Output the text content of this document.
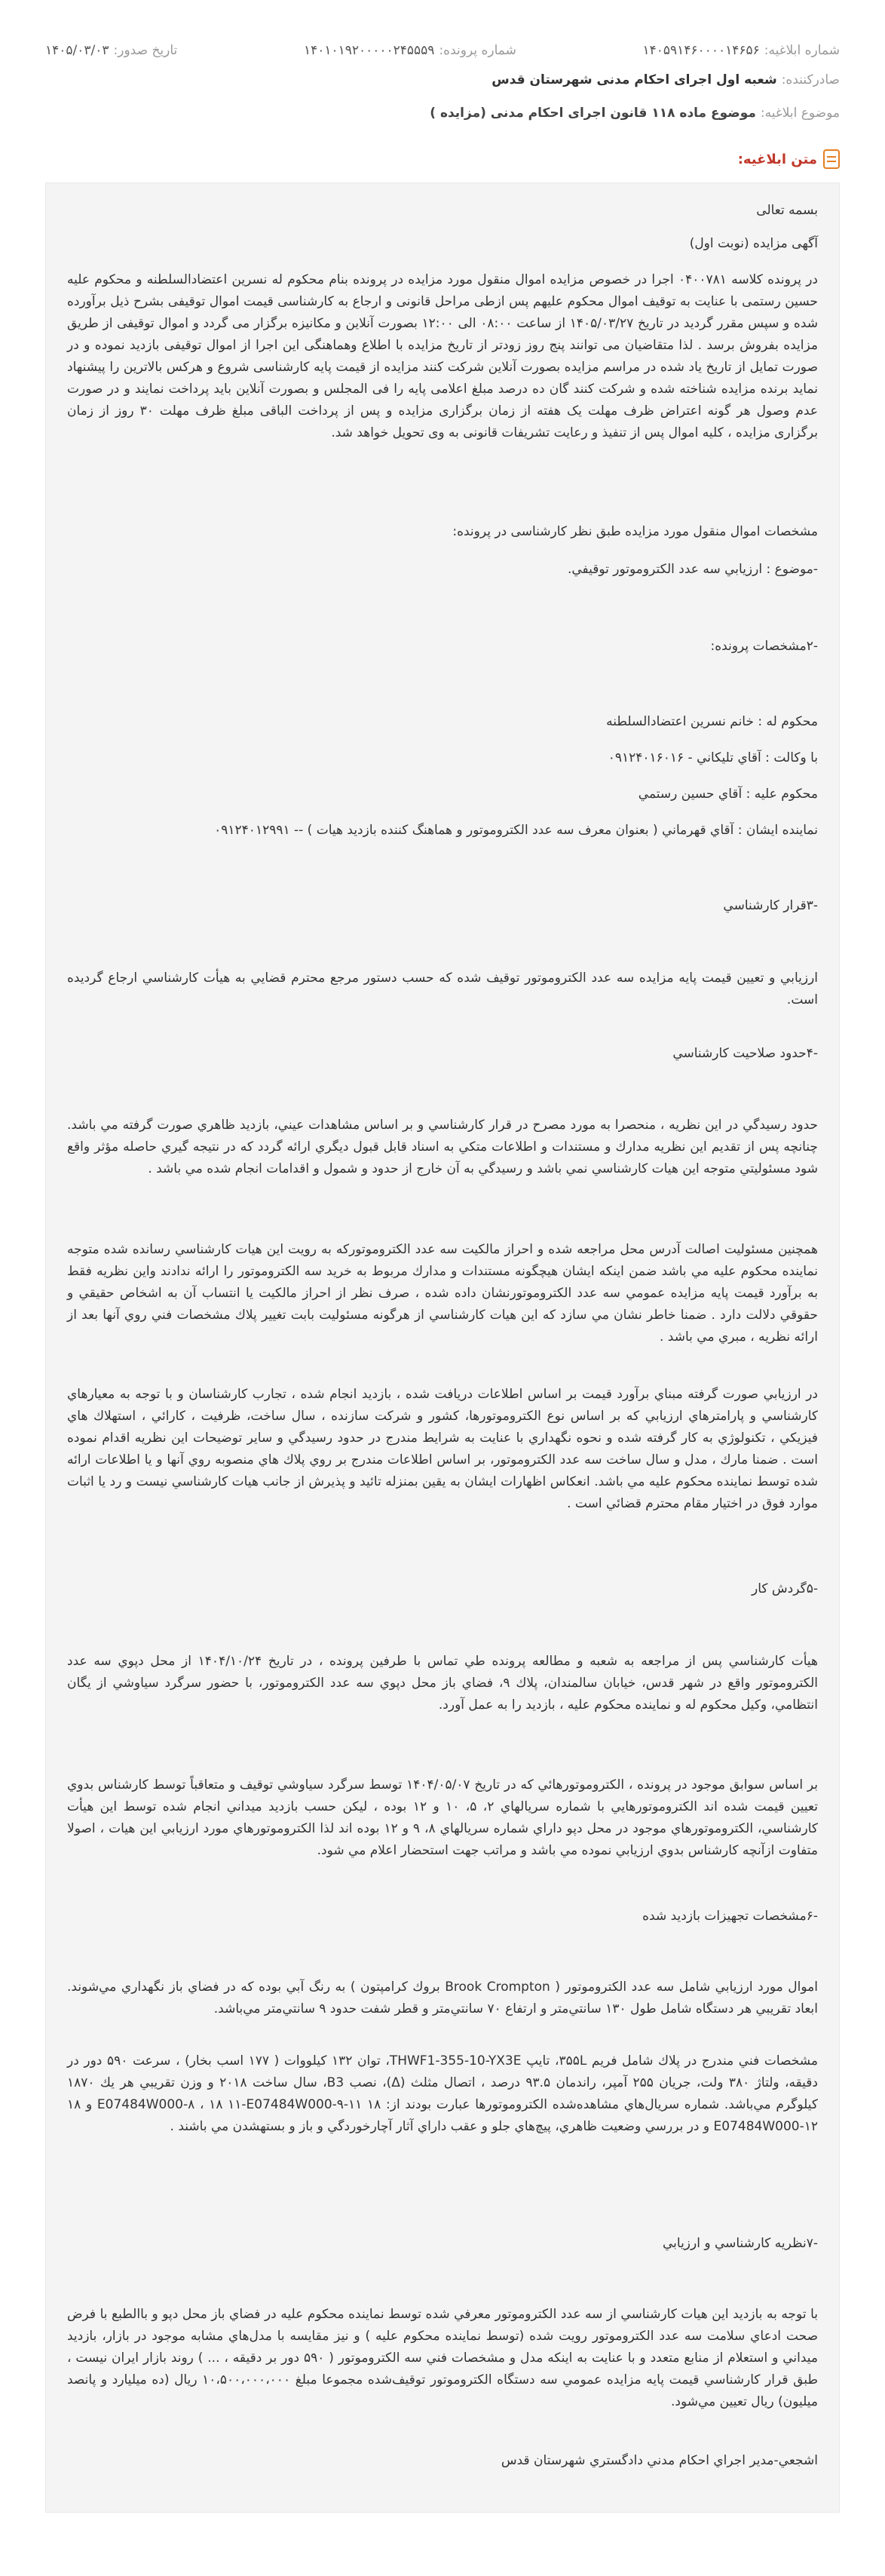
شماره ابلاغیه:۱۴۰۵۹۱۴۶۰۰۰۰۱۴۶۵۶
شماره پرونده:۱۴۰۱۰۱۹۲۰۰۰۰۰۲۴۵۵۵۹
تاریخ صدور:۱۴۰۵/۰۳/۰۳
صادرکننده:شعبه اول اجرای احکام مدنی شهرستان قدس
موضوع ابلاغیه:موضوع ماده ۱۱۸ قانون اجرای احکام مدنی (مزایده )
متن ابلاغیه:

بسمه تعالی

آگهی مزایده (نوبت اول)

در پرونده کلاسه ۰۴۰۰۷۸۱ اجرا در خصوص مزایده اموال منقول مورد مزایده در پرونده بنام محکوم له نسرین اعتضادالسلطنه و محکوم علیه حسین رستمی با عنایت به توقیف اموال محکوم علیهم پس ازطی مراحل قانونی و ارجاع به کارشناسی قیمت اموال توقیفی بشرح ذیل برآورده شده و سپس مقرر گردید در تاریخ ۱۴۰۵/۰۳/۲۷ از ساعت ۰۸:۰۰ الی ۱۲:۰۰ بصورت آنلاین و مکانیزه برگزار می گردد و اموال توقیفی از طریق مزایده بفروش برسد . لذا متقاضیان می توانند پنج روز زودتر از تاریخ مزایده با اطلاع وهماهنگی این اجرا از اموال توقیفی بازدید نموده و در صورت تمایل از تاریخ یاد شده در مراسم مزایده بصورت آنلاین شرکت کنند مزایده از قیمت پایه کارشناسی شروع و هرکس بالاترین را پیشنهاد نماید برنده مزایده شناخته شده و شرکت کنند گان ده درصد مبلغ اعلامی پایه را فی المجلس و بصورت آنلاین باید پرداخت نمایند و در صورت عدم وصول هر گونه اعتراض ظرف مهلت یک هفته از زمان برگزاری مزایده و پس از پرداخت الباقی مبلغ ظرف مهلت ۳۰ روز از زمان برگزاری مزایده ، کلیه اموال پس از تنفیذ و رعایت تشریفات قانونی به وی تحویل خواهد شد.

مشخصات اموال منقول مورد مزایده طبق نظر کارشناسی در پرونده:

-موضوع : ارزيابي سه عدد الكتروموتور توقيفي.

-۲مشخصات پرونده:

محكوم له : خانم نسرين اعتضادالسلطنه

با وكالت : آقاي تليكاني - ۰۹۱۲۴۰۱۶۰۱۶

محكوم عليه : آقاي حسين رستمي

نماينده ايشان : آقاي قهرماني ( بعنوان معرف سه عدد الكتروموتور و هماهنگ كننده بازديد هيات ) -- ۰۹۱۲۴۰۱۲۹۹۱

-۳قرار كارشناسي

ارزيابي و تعيين قيمت پايه مزايده سه عدد الكتروموتور توقيف شده كه حسب دستور مرجع محترم قضايي به هيأت كارشناسي ارجاع گرديده است.

-۴حدود صلاحيت كارشناسي

حدود رسيدگي در اين نظريه ، منحصرا به مورد مصرح در قرار كارشناسي و بر اساس مشاهدات عيني، بازديد ظاهري صورت گرفته مي باشد. چنانچه پس از تقديم اين نظريه مدارك و مستندات و اطلاعات متكي به اسناد قابل قبول ديگري ارائه گردد كه در نتيجه گيري حاصله مؤثر واقع شود مسئوليتي متوجه اين هيات كارشناسي نمي باشد و رسيدگي به آن خارج از حدود و شمول و اقدامات انجام شده مي باشد .

همچنين مسئوليت اصالت آدرس محل مراجعه شده و احراز مالكيت سه عدد الكتروموتوركه به رويت اين هيات كارشناسي رسانده شده متوجه نماينده محكوم عليه مي باشد ضمن اينكه ايشان هيچگونه مستندات و مدارك مربوط به خريد سه الكتروموتور را ارائه ندادند واين نظريه فقط به برآورد قيمت پايه مزايده عمومي سه عدد الكتروموتورنشان داده شده ، صرف نظر از احراز مالكيت يا انتساب آن به اشخاص حقيقي و حقوقي دلالت دارد . ضمنا خاطر نشان مي سازد كه اين هيات كارشناسي از هرگونه مسئوليت بابت تغيير پلاك مشخصات فني روي آنها بعد از ارائه نظريه ، مبري مي باشد .

در ارزيابي صورت گرفته مبناي برآورد قيمت بر اساس اطلاعات دريافت شده ، بازديد انجام شده ، تجارب كارشناسان و با توجه به معيارهاي كارشناسي و پارامترهاي ارزيابي كه بر اساس نوع الكتروموتورها، كشور و شركت سازنده ، سال ساخت، ظرفيت ، كارائي ، استهلاك هاي فيزيكي ، تكنولوژي به كار گرفته شده و نحوه نگهداري با عنايت به شرايط مندرج در حدود رسيدگي و ساير توضيحات اين نظريه اقدام نموده است . ضمنا مارك ، مدل و سال ساخت سه عدد الكتروموتور، بر اساس اطلاعات مندرج بر روي پلاك هاي منصوبه روي آنها و يا اطلاعات ارائه شده توسط نماينده محكوم عليه مي باشد. انعكاس اظهارات ايشان به يقين بمنزله تائيد و پذيرش از جانب هيات كارشناسي نيست و رد يا اثبات موارد فوق در اختيار مقام محترم قضائي است .

-۵گردش كار

هيأت كارشناسي پس از مراجعه به شعبه و مطالعه پرونده طي تماس با طرفين پرونده ، در تاريخ ۱۴۰۴/۱۰/۲۴ از محل دپوي سه عدد الكتروموتور واقع در شهر قدس، خيابان سالمندان، پلاك ۹، فضاي باز محل دپوي سه عدد الكتروموتور، با حضور سرگرد سياوشي از يگان انتظامي، وكيل محكوم له و نماينده محكوم عليه ، بازديد را به عمل آورد.

بر اساس سوابق موجود در پرونده ، الكتروموتورهائي كه در تاريخ ۱۴۰۴/۰۵/۰۷ توسط سرگرد سياوشي توقيف و متعاقباً توسط كارشناس بدوي تعيين قيمت شده اند الكتروموتورهايي با شماره سريالهاي ۲، ۵، ۱۰ و ۱۲ بوده ، ليكن حسب بازديد ميداني انجام شده توسط اين هيأت كارشناسي، الكتروموتورهاي موجود در محل دپو داراي شماره سريالهاي ۸، ۹ و ۱۲ بوده اند لذا الكتروموتورهاي مورد ارزيابي اين هيات ، اصولا متفاوت ازآنچه كارشناس بدوي ارزيابي نموده مي باشد و مراتب جهت استحضار اعلام مي شود.

-۶مشخصات تجهيزات بازديد شده

اموال مورد ارزيابي شامل سه عدد الكتروموتور ( Brook Crompton بروك كرامپتون ) به رنگ آبي بوده كه در فضاي باز نگهداري مي‌شوند. ابعاد تقريبي هر دستگاه شامل طول ۱۳۰ سانتي‌متر و ارتفاع ۷۰ سانتي‌متر و قطر شفت حدود ۹ سانتي‌متر مي‌باشد.

مشخصات فني مندرج در پلاك شامل فريم ۳۵۵L، تايپ THWF1-355-10-YX3E، توان ۱۳۲ كيلووات ( ۱۷۷ اسب بخار) ، سرعت ۵۹۰ دور در دقيقه، ولتاژ ۳۸۰ ولت، جريان ۲۵۵ آمپر، راندمان ۹۳.۵ درصد ، اتصال مثلث (Δ)، نصب B3، سال ساخت ۲۰۱۸ و وزن تقريبي هر يك ۱۸۷۰ كيلوگرم مي‌باشد. شماره سريال‌هاي مشاهده‌شده الكتروموتورها عبارت بودند از: ۱۸ ۱۱-E07484W000-۸ ، ۱۸ ۱۱-E07484W000-۹ و ۱۸ ۱۲-E07484W000 و در بررسي وضعيت ظاهري، پيچ‌هاي جلو و عقب داراي آثار آچارخوردگي و باز و بستهشدن مي باشند .

-۷نظريه كارشناسي و ارزيابي

با توجه به بازديد اين هيات كارشناسي از سه عدد الكتروموتور معرفي شده توسط نماينده محكوم عليه در فضاي باز محل دپو و باالطبع با فرض صحت ادعاي سلامت سه عدد الكتروموتور رويت شده (توسط نماينده محكوم عليه ) و نيز مقايسه با مدل‌هاي مشابه موجود در بازار، بازديد ميداني و استعلام از منابع متعدد و با عنايت به اينكه مدل و مشخصات فني سه الكتروموتور ( ۵۹۰ دور بر دقيقه ، ... ) روند بازار ايران نيست ، طبق قرار كارشناسي قيمت پايه مزايده عمومي سه دستگاه الكتروموتور توقيف‌شده مجموعا مبلغ ۱۰،۵۰۰،۰۰۰،۰۰۰ ريال (ده ميليارد و پانصد ميليون) ريال تعيين مي‌شود.

اشجعي-مدير اجراي احكام مدني دادگستري شهرستان قدس
